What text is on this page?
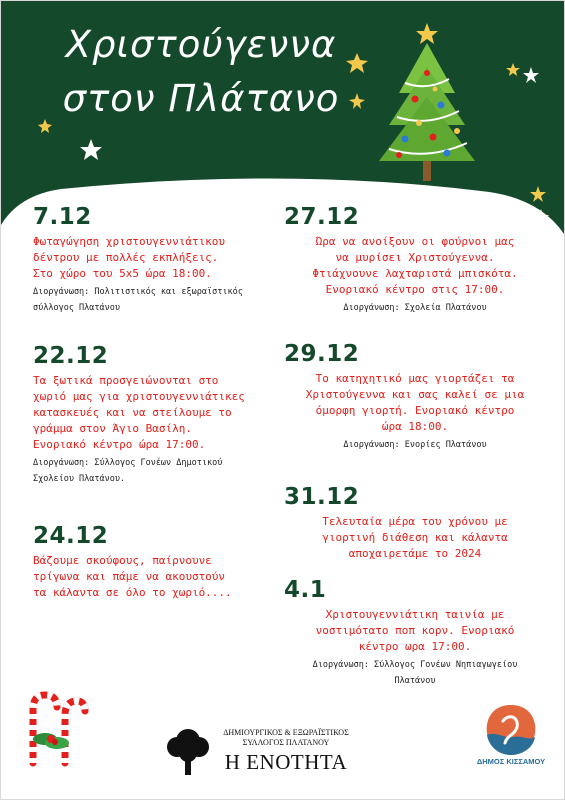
Χριστούγεννα
στον Πλάτανο
7.12
Φωταγώγηση χριστουγεννιάτικου
δέντρου με πολλές εκπλήξεις.
Στο χώρο του 5x5 ώρα 18:00.
Διοργάνωση: Πολιτιστικός και εξωραϊστικός
σύλλογος Πλατάνου
22.12
Τα ξωτικά προσγειώνονται στο
χωριό μας για χριστουγεννιάτικες
κατασκευές και να στείλουμε το
γράμμα στον Άγιο Βασίλη.
Ενοριακό κέντρο ώρα 17:00.
Διοργάνωση: Σύλλογος Γονέων Δημοτικού
Σχολείου Πλατάνου.
24.12
Βάζουμε σκούφους, παίρνουνε
τρίγωνα και πάμε να ακουστούν
τα κάλαντα σε όλο το χωριό....
27.12
Ώρα να ανοίξουν οι φούρνοι μας
να μυρίσει Χριστούγεννα.
Φτιάχνουνε λαχταριστά μπισκότα.
Ενοριακό κέντρο στις 17:00.
Διοργάνωση: Σχολεία Πλατάνου
29.12
Το κατηχητικό μας γιορτάζει τα
Χριστούγεννα και σας καλεί σε μια
όμορφη γιορτή. Ενοριακό κέντρο
ώρα 18:00.
Διοργάνωση: Ενορίες Πλατάνου
31.12
Τελευταία μέρα του χρόνου με
γιορτινή διάθεση και κάλαντα
αποχαιρετάμε το 2024
4.1
Χριστουγεννιάτικη ταινία με
νοστιμότατο ποπ κορν. Ενοριακό
κέντρο ωρα 17:00.
Διοργάνωση: Σύλλογος Γονέων Νηπιαγωγείου
Πλατάνου
ΔΗΜΙΟΥΡΓΙΚΟΣ & ΕΞΩΡΑΪΣΤΙΚΟΣ
ΣΥΛΛΟΓΟΣ ΠΛΑΤΑΝΟΥ
Η ΕΝΟΤΗΤΑ	ΔΗΜΟΣ ΚΙΣΣΑΜΟΥ
